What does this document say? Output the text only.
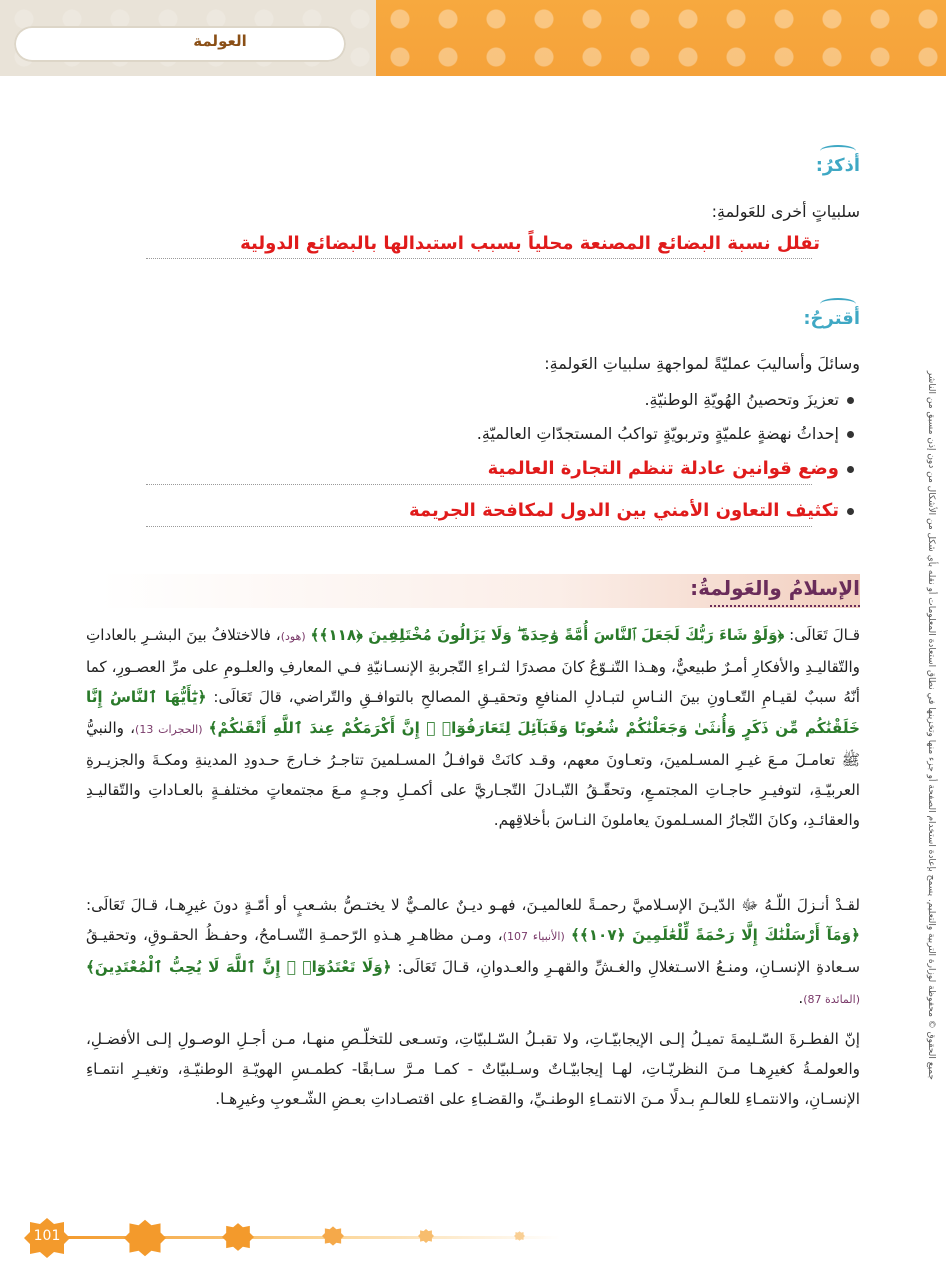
العولمة
جميع الحقوق © محفوظة لوزارة التربية والتعليم. يسمح بإعادة استخدام الصفحة أو جزء منها وتخزينها في نطاق استعادة المعلومات أو نقله بأي شكل من الأشكال من دون إذن مسبق من الناشر
أذكرُ:
سلبياتٍ أخرى للعَولمةِ:
تقلل نسبة البضائع المصنعة محلياً بسبب استبدالها بالبضائع الدولية
أقترحُ:
وسائلَ وأساليبَ عمليّةً لمواجهةِ سلبياتِ العَولمةِ:
تعزيزَ وتحصينُ الهُويّةِ الوطنيّةِ.
إحداثُ نهضةٍ علميّةٍ وتربويّةٍ تواكبُ المستجدّاتِ العالميّةِ.
وضع قوانين عادلة تنظم التجارة العالمية
تكثيف التعاون الأمني بين الدول لمكافحة الجريمة
الإسلامُ والعَولمةُ:

قـالَ تَعَالَى: ﴿وَلَوْ شَاءَ رَبُّكَ لَجَعَلَ ٱلنَّاسَ أُمَّةً وَٰحِدَةً ۖ وَلَا يَزَالُونَ مُخْتَلِفِينَ ﴿١١٨﴾﴾ (هود)، فالاختلافُ بينَ البشـرِ بالعاداتِ والتّقاليـدِ والأفكارِ أمـرٌ طبيعيٌّ، وهـذا التّنـوّعُ كانَ مصدرًا لثـراءِ التّجربةِ الإنسـانيّةِ فـي المعارفِ والعلـومِ على مرِّ العصـورِ، كما أنّهُ سببٌ لقيـامِ التّعـاونِ بينَ النـاسِ لتبـادلِ المنافعِ وتحقيـقِ المصالحِ بالتوافـقِ والتّراضي، قالَ تَعَالَى: ﴿يَٰٓأَيُّهَا ٱلنَّاسُ إِنَّا خَلَقْنَٰكُم مِّن ذَكَرٍ وَأُنثَىٰ وَجَعَلْنَٰكُمْ شُعُوبًا وَقَبَآئِلَ لِتَعَارَفُوٓا۟ ۚ إِنَّ أَكْرَمَكُمْ عِندَ ٱللَّهِ أَتْقَىٰكُمْ﴾ (الحجرات 13)، والنبيُّ ﷺ تعامـلَ مـعَ غيـرِ المسـلمينَ، وتعـاونَ معهم، وقـد كانَتْ قوافـلُ المسـلمينَ تتاجـرُ خـارجَ حـدودِ المدينةِ ومكـةَ والجزيـرةِ العربيّـةِ، لتوفيـرِ حاجـاتِ المجتمـعِ، وتحقّـقُ التّبـادلَ التّجـاريَّ على أكمـلِ وجـهٍ مـعَ مجتمعاتٍ مختلفـةٍ بالعـاداتِ والتّقاليـدِ والعقائـدِ، وكانَ التّجارُ المسـلمونَ يعاملونَ النـاسَ بأخلاقِهم.

لقـدْ أنـزلَ اللّـهُ ﷻ الدّيـنَ الإسـلاميَّ رحمـةً للعالميـنَ، فهـو ديـنٌ عالمـيٌّ لا يختـصُّ بشـعبٍ أو أمّـةٍ دونَ غيرِهـا، قـالَ تَعَالَى: ﴿وَمَآ أَرْسَلْنَٰكَ إِلَّا رَحْمَةً لِّلْعَٰلَمِينَ ﴿١٠٧﴾﴾ (الأنبياء 107)، ومـن مظاهـرِ هـذهِ الرّحمـةِ التّسـامحُ، وحفـظُ الحقـوقِ، وتحقيـقُ سـعادةِ الإنسـانِ، ومنـعُ الاسـتغلالِ والغـشِّ والقهـرِ والعـدوانِ، قـالَ تَعَالَى: ﴿وَلَا تَعْتَدُوٓا۟ ۚ إِنَّ ٱللَّهَ لَا يُحِبُّ ٱلْمُعْتَدِينَ﴾ (المائدة 87).

إنّ الفطـرةَ السّـليمةَ تميـلُ إلـى الإيجابيّـاتِ، ولا تقبـلُ السّـلبيّاتِ، وتسـعى للتخلّـصِ منهـا، مـن أجـلِ الوصـولِ إلـى الأفضـلِ، والعولمـةُ كغيرِهـا مـنَ النظريّـاتِ، لهـا إيجابيّـاتٌ وسـلبيّاتٌ - كمـا مـرَّ سـابقًا- كطمـسِ الهويّـةِ الوطنيّـةِ، وتغيـرِ انتمـاءِ الإنسـانِ، والانتمـاءِ للعالـمِ بـدلًا مـنَ الانتمـاءِ الوطنـيِّ، والقضـاءِ على اقتصـاداتِ بعـضِ الشّـعوبِ وغيرِهـا.

101
